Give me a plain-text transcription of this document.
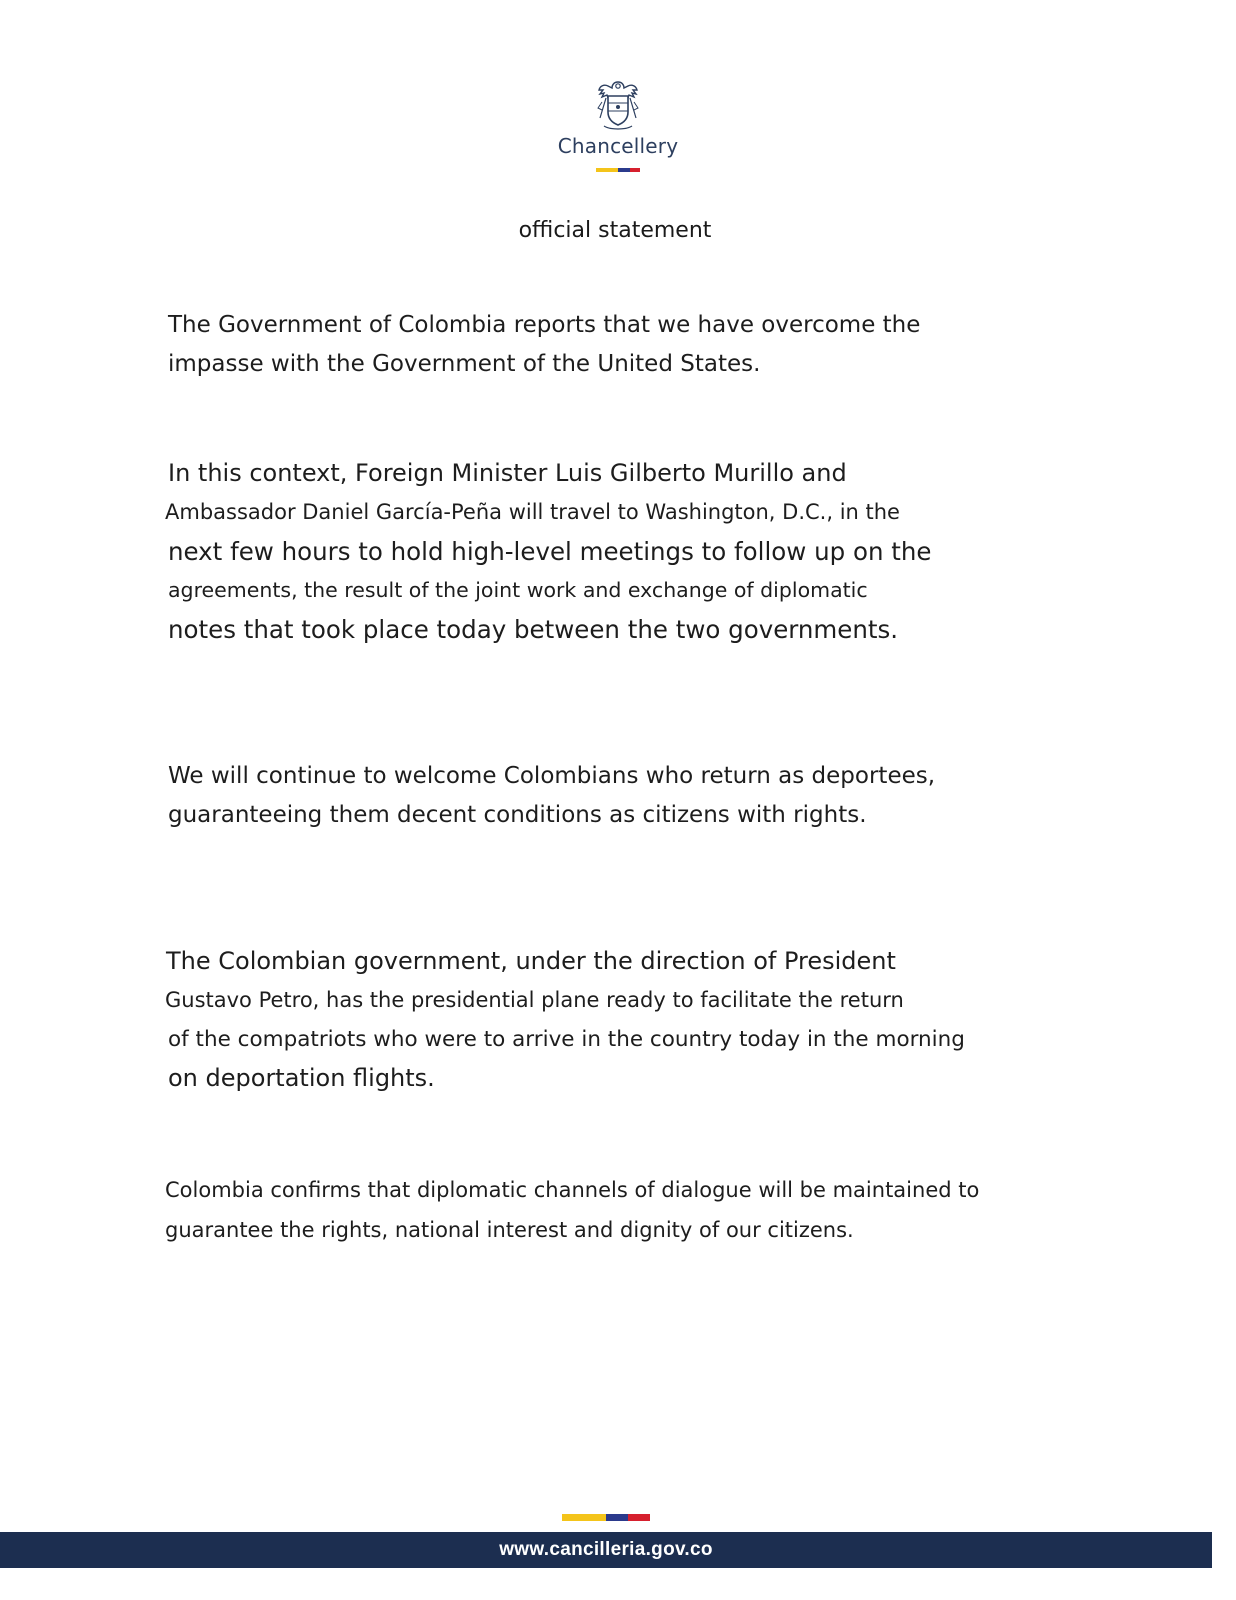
Chancellery
official statement

The Government of Colombia reports that we have overcome the
impasse with the Government of the United States.

In this context, Foreign Minister Luis Gilberto Murillo and
Ambassador Daniel García-Peña will travel to Washington, D.C., in the
next few hours to hold high-level meetings to follow up on the
agreements, the result of the joint work and exchange of diplomatic
notes that took place today between the two governments.

We will continue to welcome Colombians who return as deportees,
guaranteeing them decent conditions as citizens with rights.

The Colombian government, under the direction of President
Gustavo Petro, has the presidential plane ready to facilitate the return
of the compatriots who were to arrive in the country today in the morning
on deportation flights.

Colombia confirms that diplomatic channels of dialogue will be maintained to
guarantee the rights, national interest and dignity of our citizens.

www.cancilleria.gov.co
